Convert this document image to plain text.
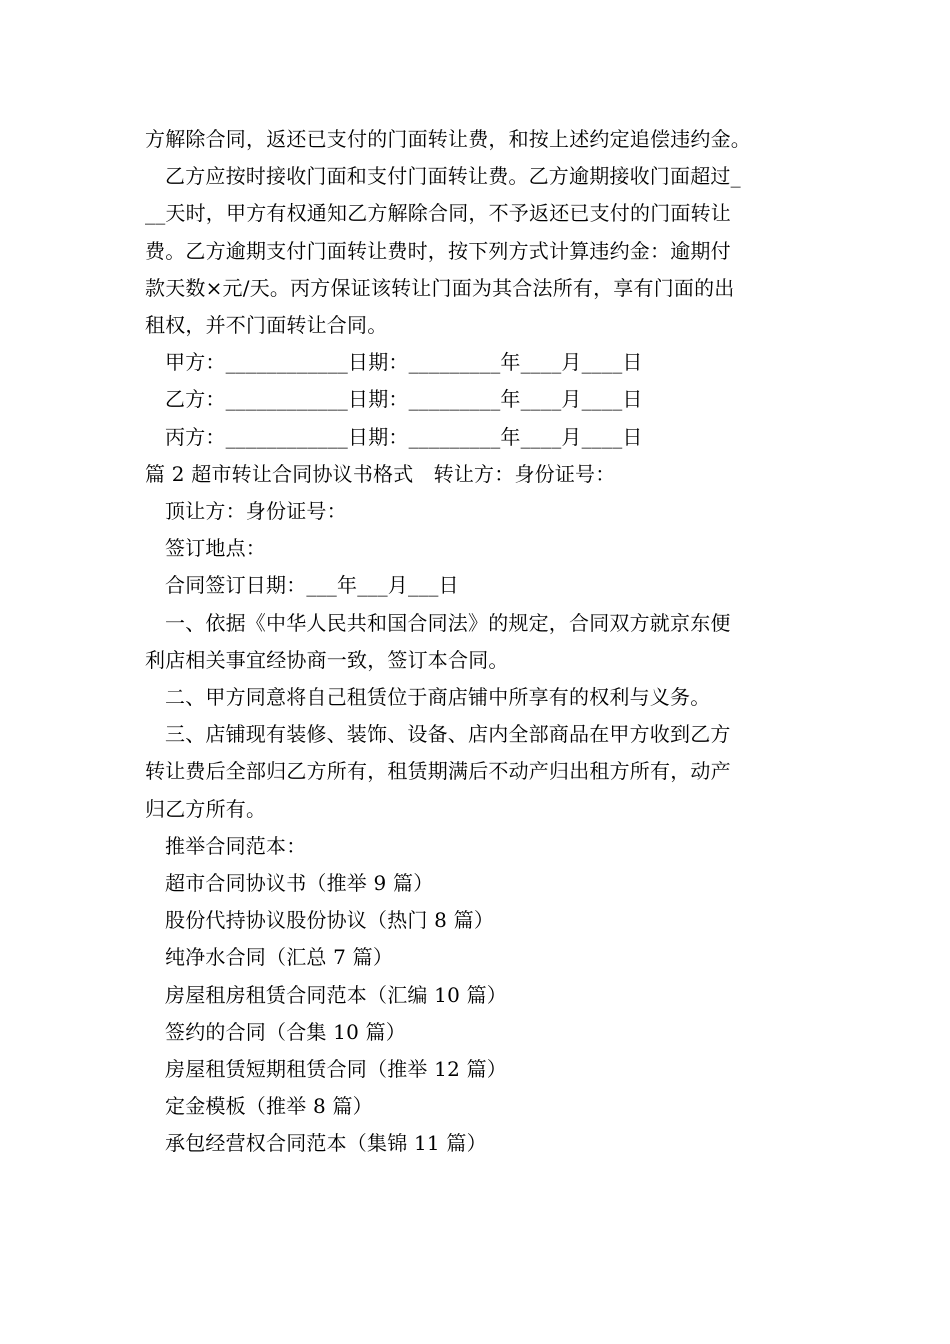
方解除合同，返还已支付的门面转让费，和按上述约定追偿违约金。

乙方应按时接收门面和支付门面转让费。乙方逾期接收门面超过_

__天时，甲方有权通知乙方解除合同，不予返还已支付的门面转让

费。乙方逾期支付门面转让费时，按下列方式计算违约金：逾期付

款天数×元/天。丙方保证该转让门面为其合法所有，享有门面的出

租权，并不门面转让合同。

甲方：____________日期：_________年____月____日

乙方：____________日期：_________年____月____日

丙方：____________日期：_________年____月____日

篇 2 超市转让合同协议书格式　转让方：身份证号：

顶让方：身份证号：

签订地点：

合同签订日期：___年___月___日

一、依据《中华人民共和国合同法》的规定，合同双方就京东便

利店相关事宜经协商一致，签订本合同。

二、甲方同意将自己租赁位于商店铺中所享有的权利与义务。

三、店铺现有装修、装饰、设备、店内全部商品在甲方收到乙方

转让费后全部归乙方所有，租赁期满后不动产归出租方所有，动产

归乙方所有。

推举合同范本：

超市合同协议书（推举 9 篇）

股份代持协议股份协议（热门 8 篇）

纯净水合同（汇总 7 篇）

房屋租房租赁合同范本（汇编 10 篇）

签约的合同（合集 10 篇）

房屋租赁短期租赁合同（推举 12 篇）

定金模板（推举 8 篇）

承包经营权合同范本（集锦 11 篇）
